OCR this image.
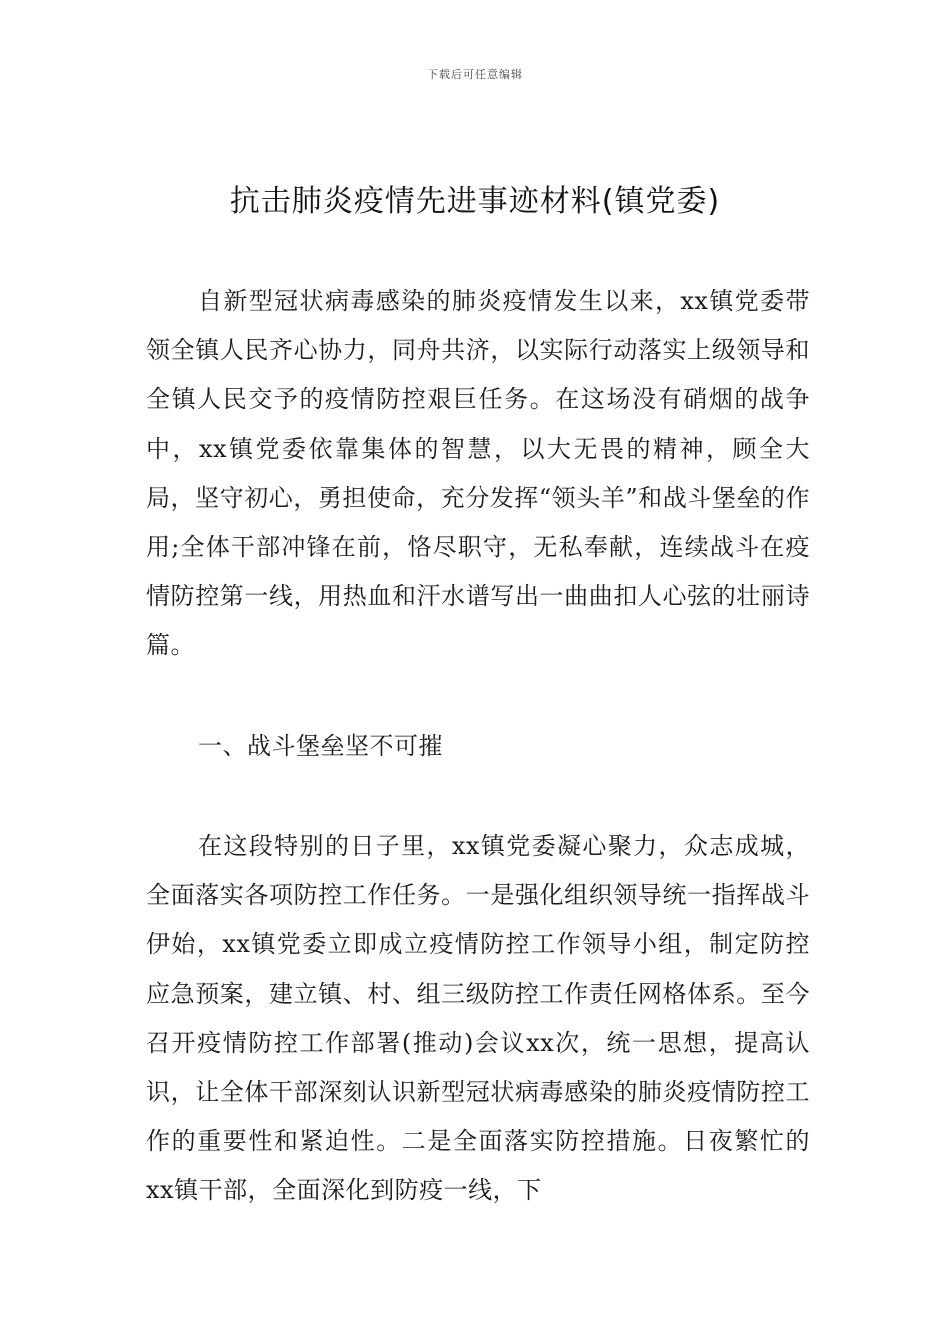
下载后可任意编辑
抗击肺炎疫情先进事迹材料(镇党委)

自新型冠状病毒感染的肺炎疫情发生以来，xx镇党委带领全镇人民齐心协力，同舟共济，以实际行动落实上级领导和全镇人民交予的疫情防控艰巨任务。在这场没有硝烟的战争中，xx镇党委依靠集体的智慧，以大无畏的精神，顾全大局，坚守初心，勇担使命，充分发挥“领头羊”和战斗堡垒的作用;全体干部冲锋在前，恪尽职守，无私奉献，连续战斗在疫情防控第一线，用热血和汗水谱写出一曲曲扣人心弦的壮丽诗篇。

一、战斗堡垒坚不可摧

在这段特别的日子里，xx镇党委凝心聚力，众志成城，全面落实各项防控工作任务。一是强化组织领导统一指挥战斗伊始，xx镇党委立即成立疫情防控工作领导小组，制定防控应急预案，建立镇、村、组三级防控工作责任网格体系。至今召开疫情防控工作部署(推动)会议xx次，统一思想，提高认识，让全体干部深刻认识新型冠状病毒感染的肺炎疫情防控工作的重要性和紧迫性。二是全面落实防控措施。日夜繁忙的xx镇干部，全面深化到防疫一线，下
